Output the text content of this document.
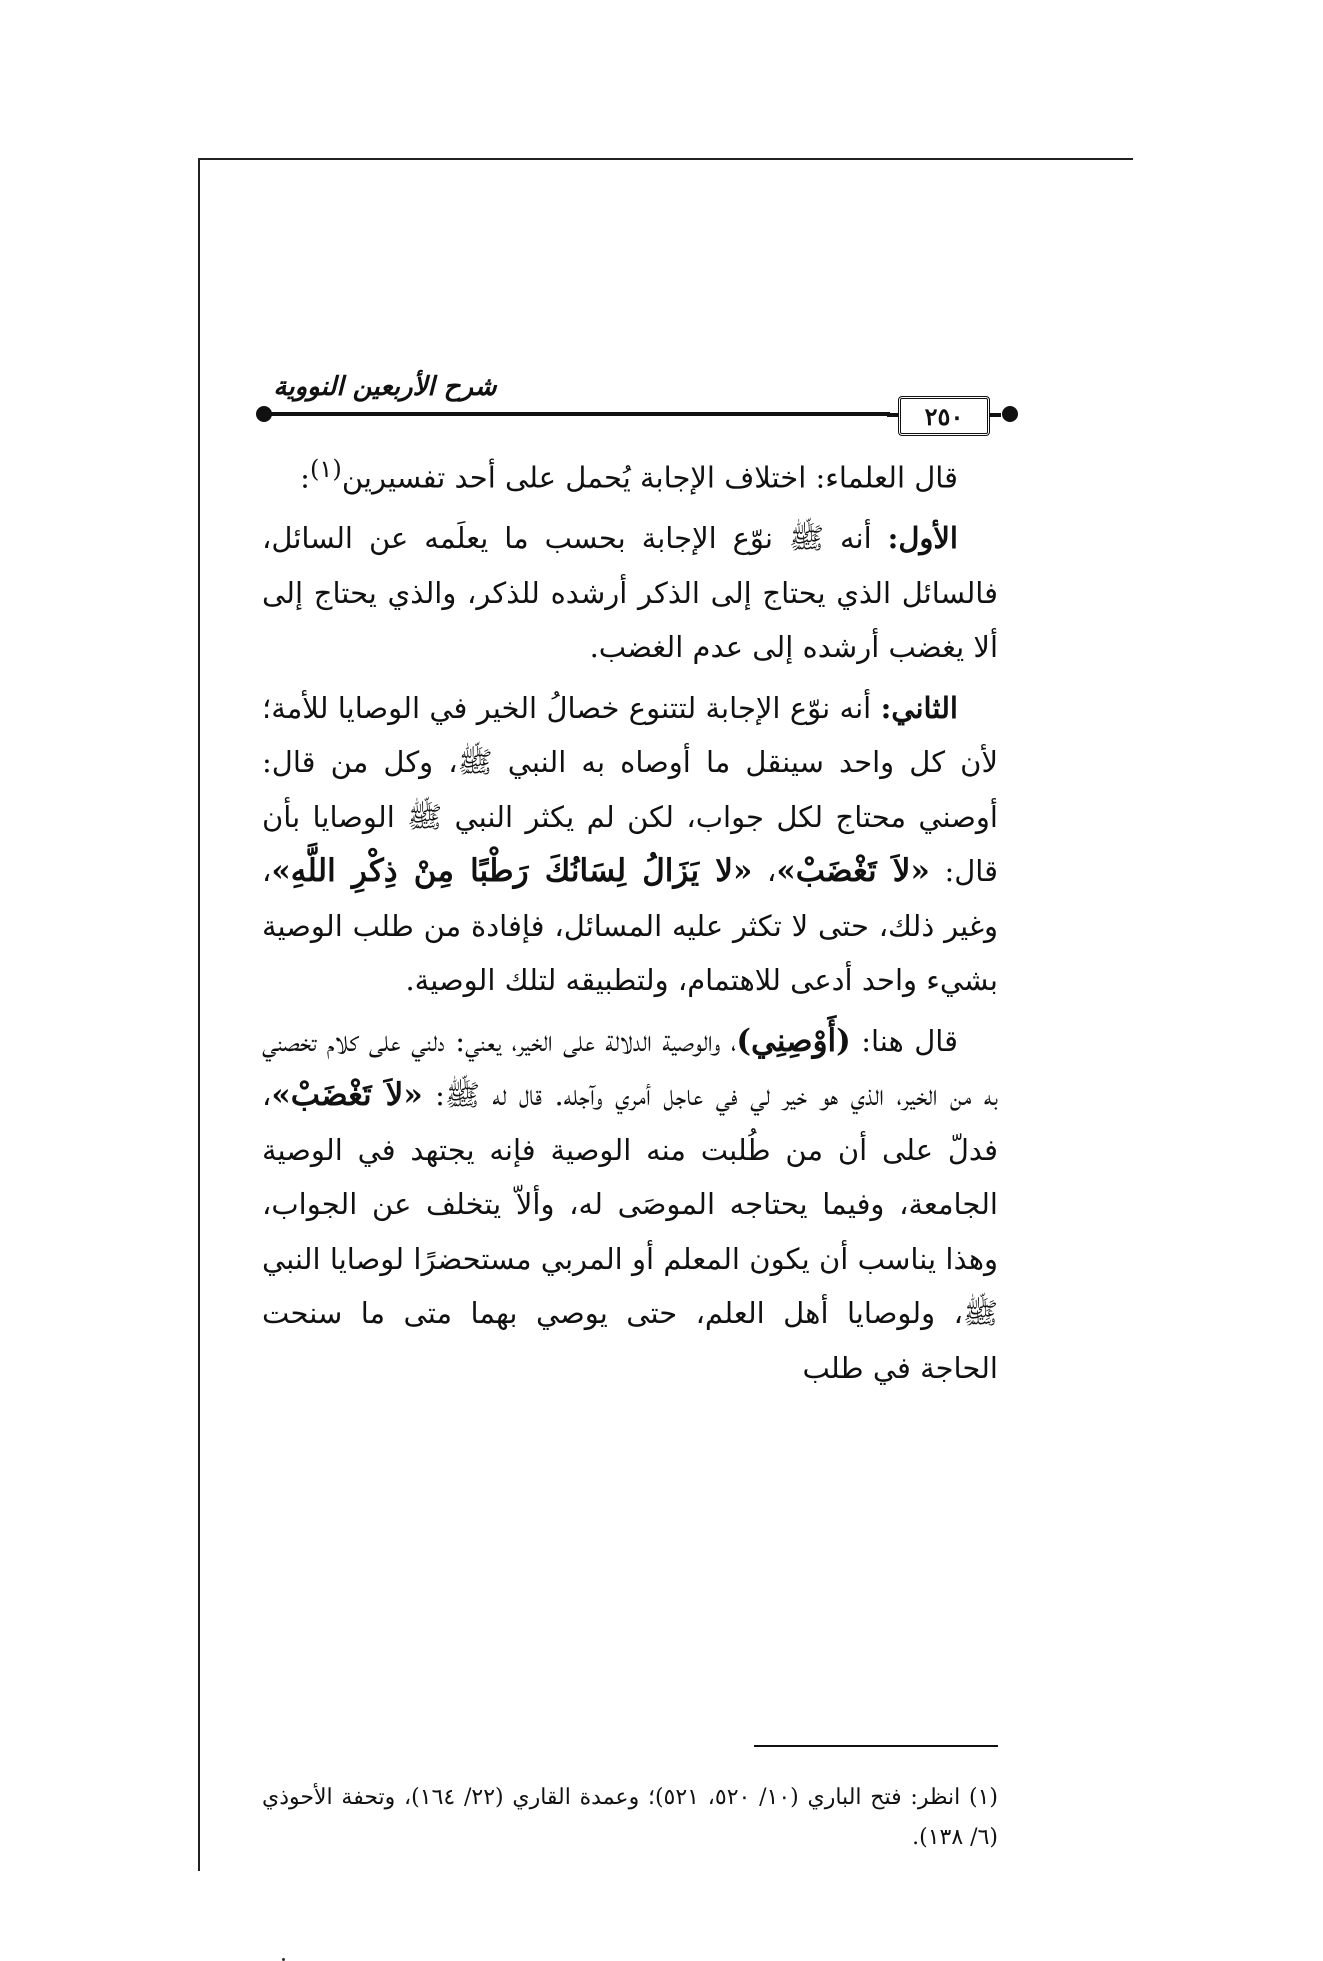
شرح الأربعين النووية
٢٥٠

قال العلماء: اختلاف الإجابة يُحمل على أحد تفسيرين$^{(١)}$:

الأول: أنه ﷺ نوّع الإجابة بحسب ما يعلَمه عن السائل، فالسائل الذي يحتاج إلى الذكر أرشده للذكر، والذي يحتاج إلى ألا يغضب أرشده إلى عدم الغضب.

الثاني: أنه نوّع الإجابة لتتنوع خصالُ الخير في الوصايا للأمة؛ لأن كل واحد سينقل ما أوصاه به النبي ﷺ، وكل من قال: أوصني محتاج لكل جواب، لكن لم يكثر النبي ﷺ الوصايا بأن قال: «لاَ تَغْضَبْ»، «لا يَزَالُ لِسَانُكَ رَطْبًا مِنْ ذِكْرِ اللَّهِ»، وغير ذلك، حتى لا تكثر عليه المسائل، فإفادة من طلب الوصية بشيء واحد أدعى للاهتمام، ولتطبيقه لتلك الوصية.

قال هنا: (أَوْصِنِي)، والوصية الدلالة على الخير، يعني: دلني على كلام تخصني به من الخير، الذي هو خير لي في عاجل أمري وآجله. قال له ﷺ: «لاَ تَغْضَبْ»، فدلّ على أن من طُلبت منه الوصية فإنه يجتهد في الوصية الجامعة، وفيما يحتاجه الموصَى له، وألاّ يتخلف عن الجواب، وهذا يناسب أن يكون المعلم أو المربي مستحضرًا لوصايا النبي ﷺ، ولوصايا أهل العلم، حتى يوصي بهما متى ما سنحت الحاجة في طلب

(١) انظر: فتح الباري (١٠/ ٥٢٠، ٥٢١)؛ وعمدة القاري (٢٢/ ١٦٤)، وتحفة الأحوذي (٦/ ١٣٨).
